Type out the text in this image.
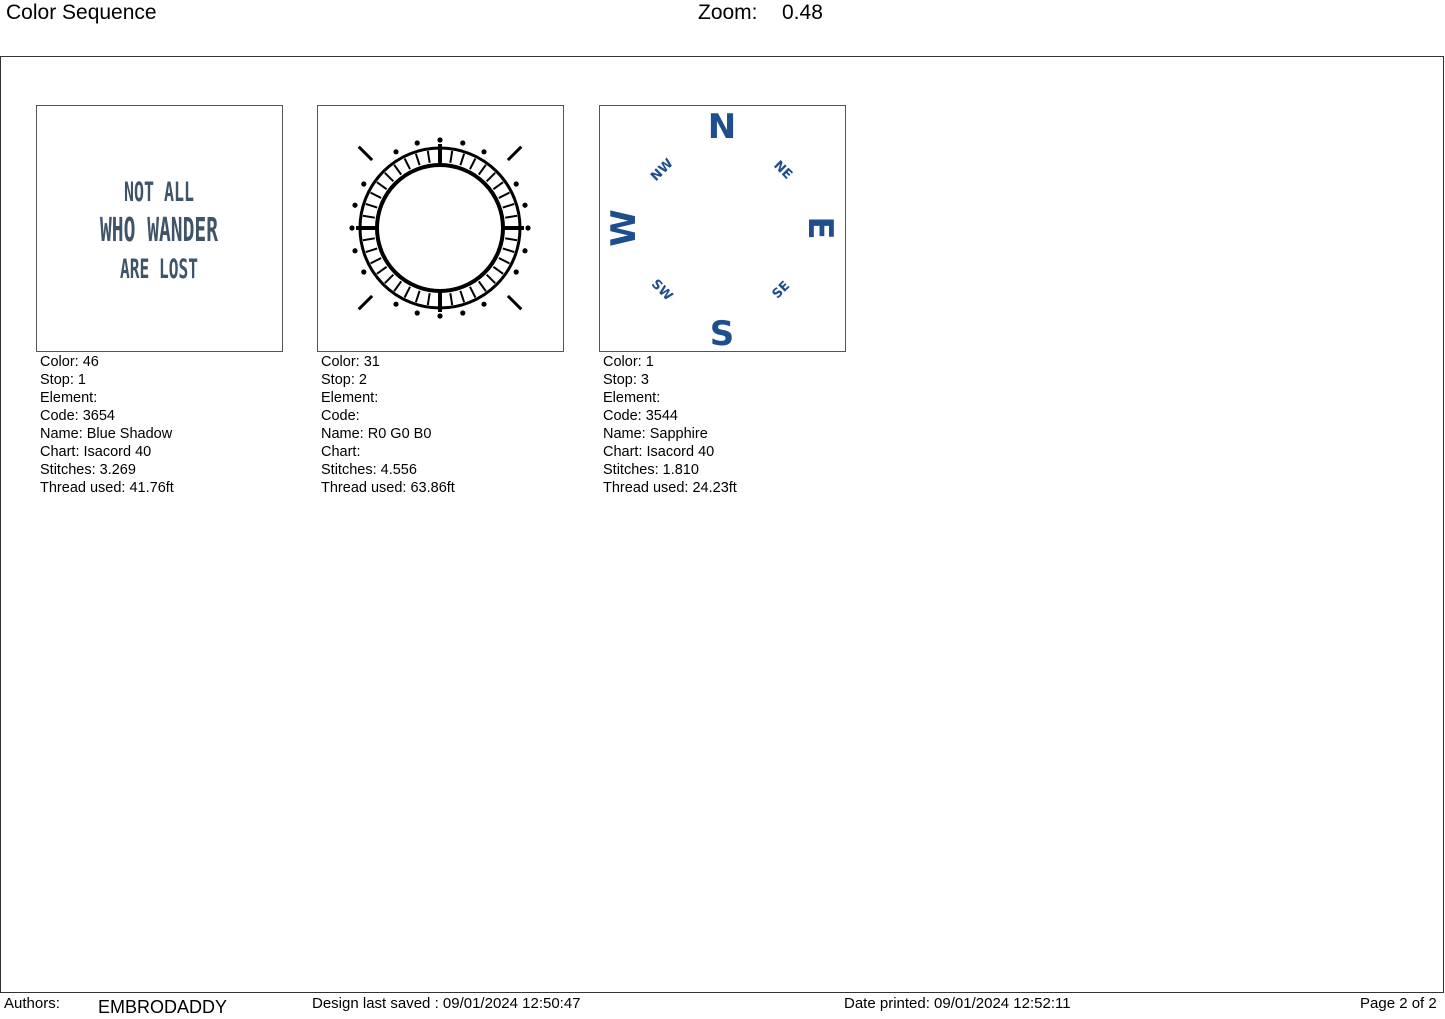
Color Sequence	Zoom: 0.48
NOT ALL
WHO WANDER
ARE LOST
N
S
E
W
NW	NE
SW	SE
Color: 46
Stop: 1
Element:
Code: 3654
Name: Blue Shadow
Chart: Isacord 40
Stitches: 3.269
Thread used: 41.76ft
Color: 31
Stop: 2
Element:
Code:
Name: R0 G0 B0
Chart:
Stitches: 4.556
Thread used: 63.86ft
Color: 1
Stop: 3
Element:
Code: 3544
Name: Sapphire
Chart: Isacord 40
Stitches: 1.810
Thread used: 24.23ft
Authors: EMBRODADDY	Design last saved : 09/01/2024 12:50:47	Date printed: 09/01/2024 12:52:11	Page 2 of 2
